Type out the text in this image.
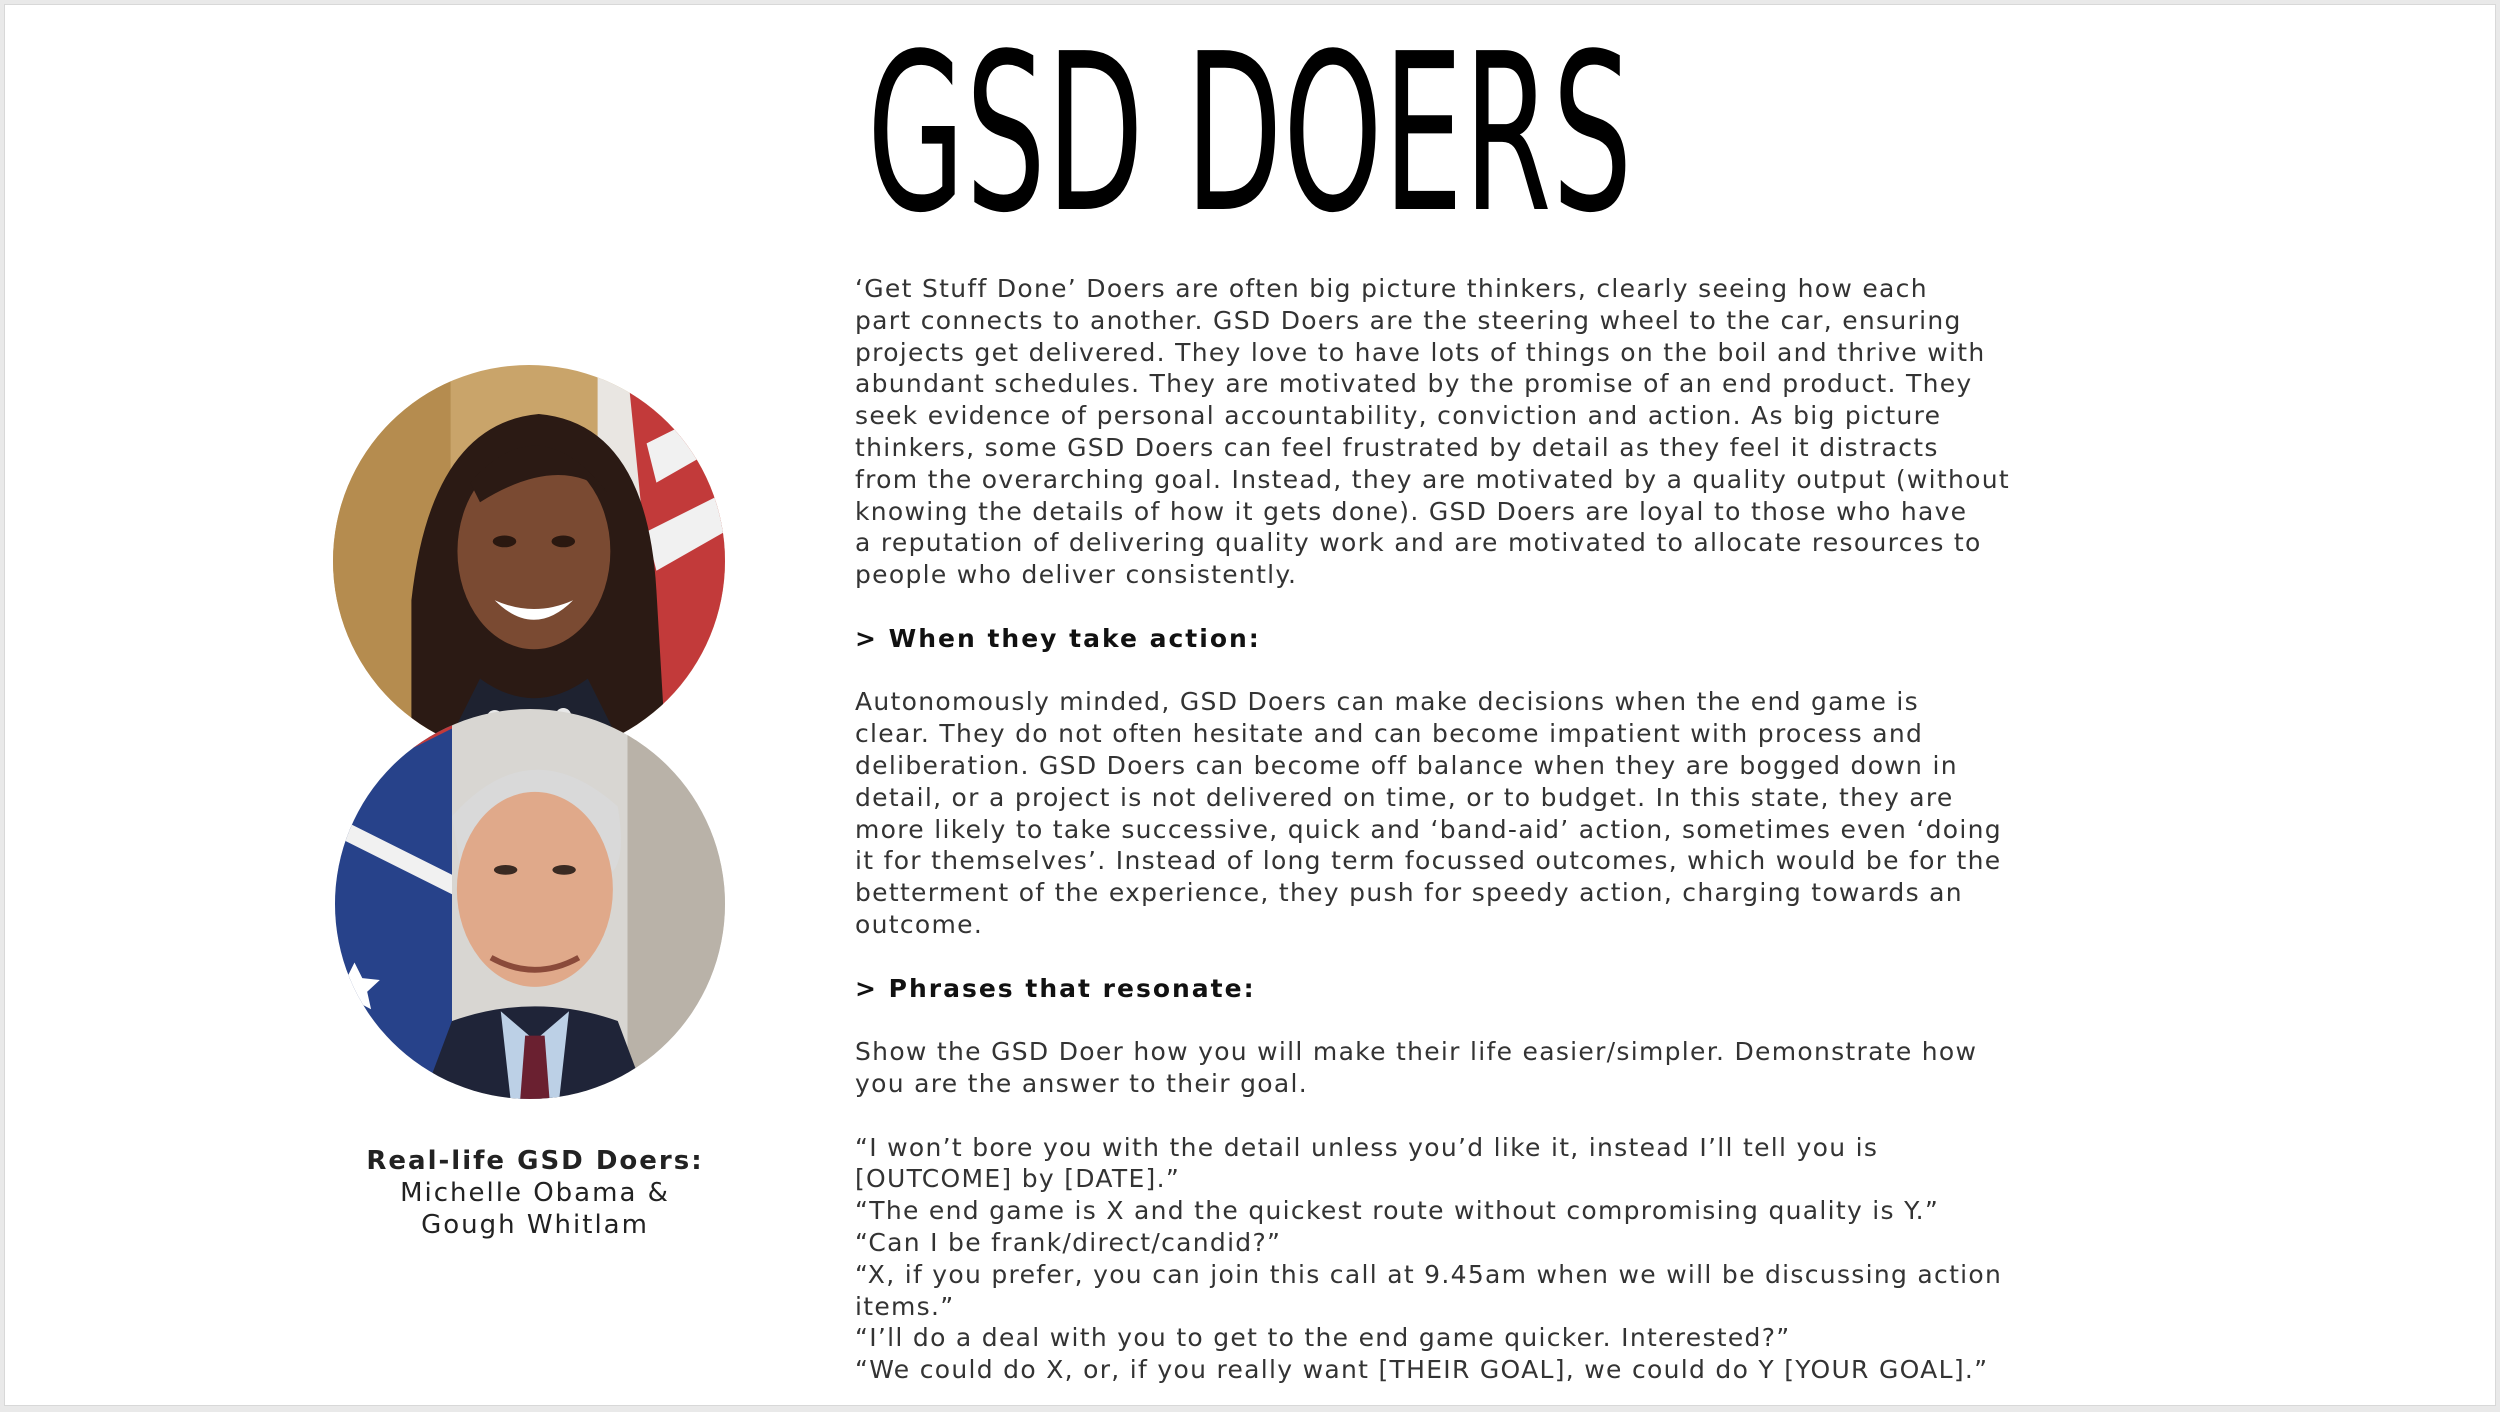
GSD DOERS
Real-life GSD Doers:
Michelle Obama &
Gough Whitlam

‘Get Stuff Done’ Doers are often big picture thinkers, clearly seeing how each

part connects to another. GSD Doers are the steering wheel to the car, ensuring

projects get delivered. They love to have lots of things on the boil and thrive with

abundant schedules. They are motivated by the promise of an end product. They

seek evidence of personal accountability, conviction and action. As big picture

thinkers, some GSD Doers can feel frustrated by detail as they feel it distracts

from the overarching goal. Instead, they are motivated by a quality output (without

knowing the details of how it gets done). GSD Doers are loyal to those who have

a reputation of delivering quality work and are motivated to allocate resources to

people who deliver consistently.

> When they take action:

Autonomously minded, GSD Doers can make decisions when the end game is

clear. They do not often hesitate and can become impatient with process and

deliberation. GSD Doers can become off balance when they are bogged down in

detail, or a project is not delivered on time, or to budget. In this state, they are

more likely to take successive, quick and ‘band-aid’ action, sometimes even ‘doing

it for themselves’. Instead of long term focussed outcomes, which would be for the

betterment of the experience, they push for speedy action, charging towards an

outcome.

> Phrases that resonate:

Show the GSD Doer how you will make their life easier/simpler. Demonstrate how

you are the answer to their goal.

“I won’t bore you with the detail unless you’d like it, instead I’ll tell you is

[OUTCOME] by [DATE].”

“The end game is X and the quickest route without compromising quality is Y.”

“Can I be frank/direct/candid?”

“X, if you prefer, you can join this call at 9.45am when we will be discussing action

items.”

“I’ll do a deal with you to get to the end game quicker. Interested?”

“We could do X, or, if you really want [THEIR GOAL], we could do Y [YOUR GOAL].”
